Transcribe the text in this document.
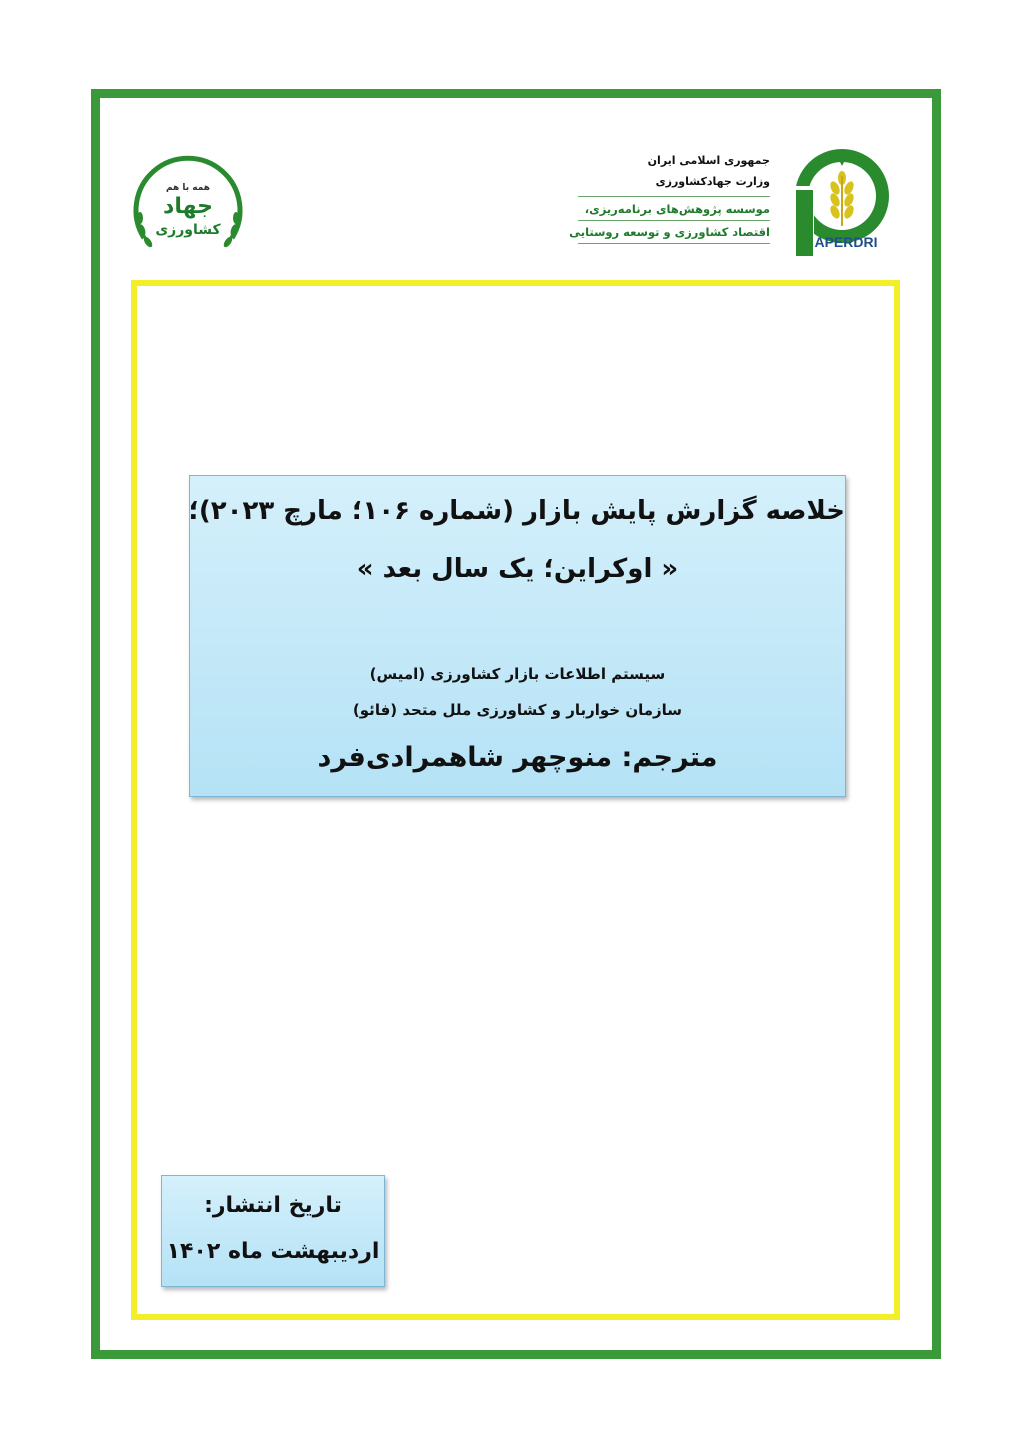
APERDRI
جمهوری اسلامی ایران
وزارت جهادکشاورزی
موسسه پژوهش‌های برنامه‌ریزی،
اقتصاد کشاورزی و توسعه روستایی
همه با هم
جهاد
کشاورزی
خلاصه گزارش پایش بازار (شماره ۱۰۶؛ مارچ ۲۰۲۳)؛
« اوکراین؛ یک سال بعد »
سیستم اطلاعات بازار کشاورزی (امیس)
سازمان خواربار و کشاورزی ملل متحد (فائو)
مترجم: منوچهر شاهمرادی‌فرد
تاریخ انتشار:
اردیبهشت ماه ۱۴۰۲
